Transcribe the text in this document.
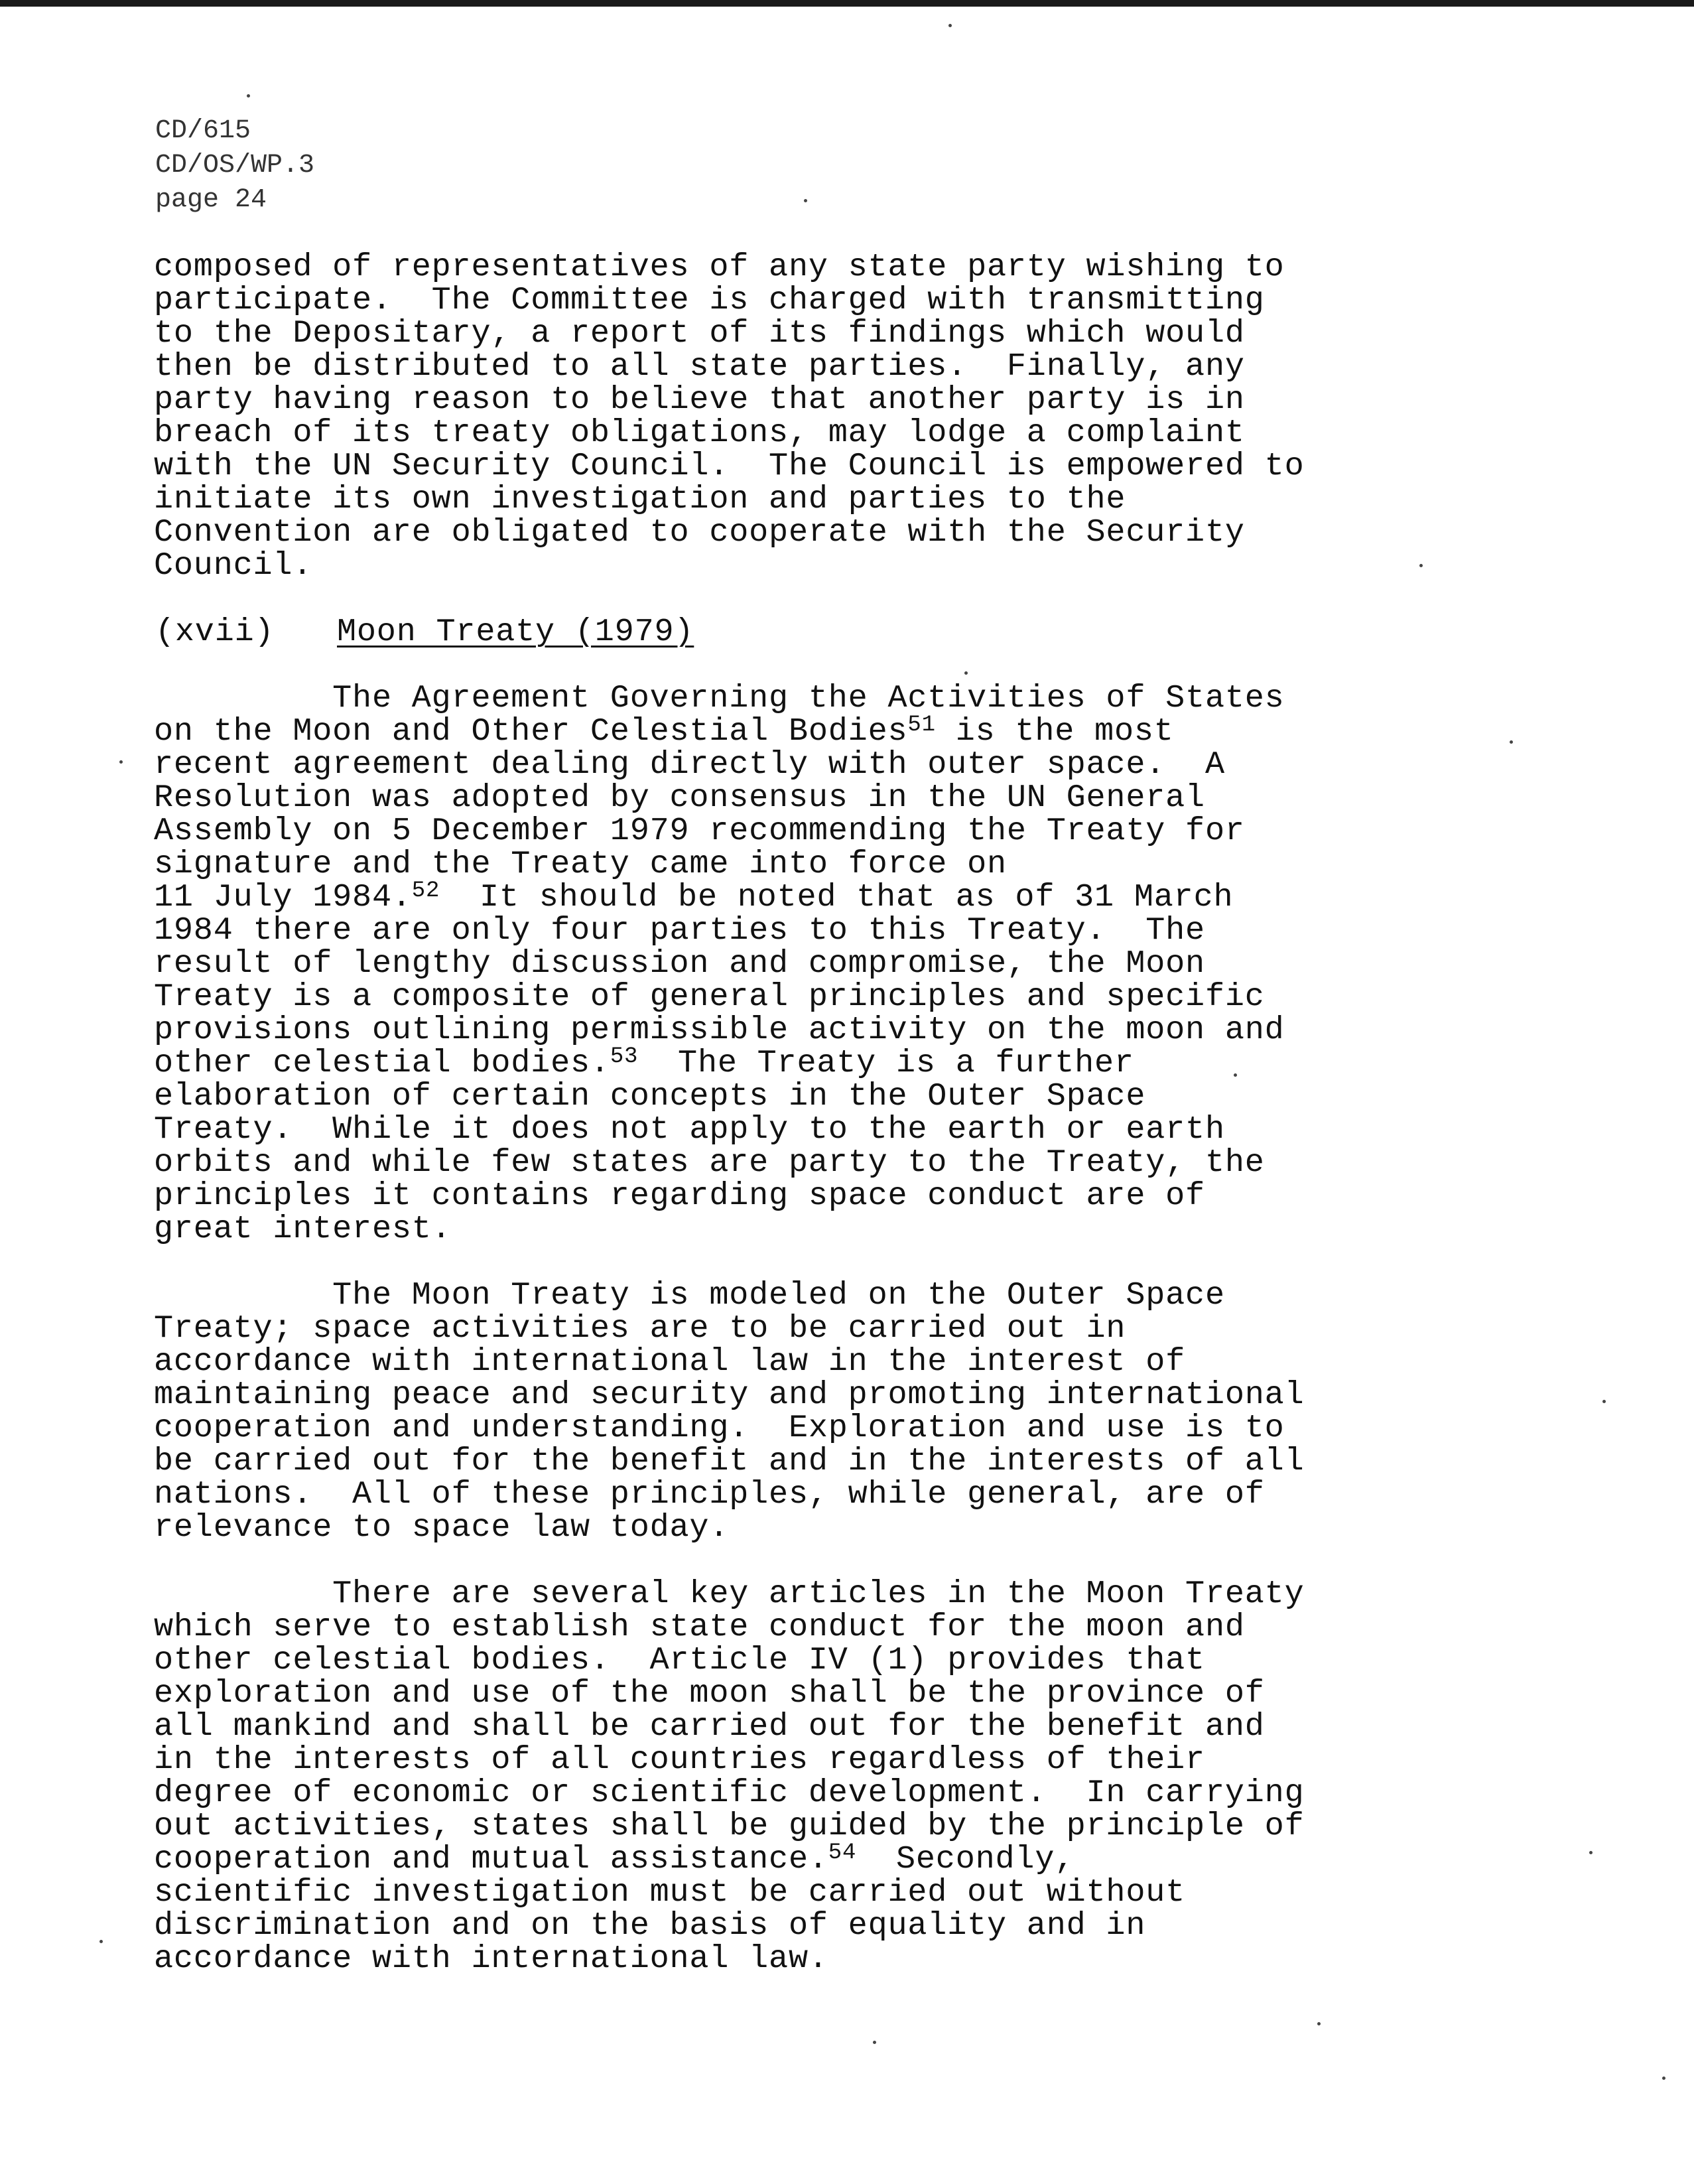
CD/615
CD/OS/WP.3
page 24
composed of representatives of any state party wishing to
participate.  The Committee is charged with transmitting
to the Depositary, a report of its findings which would
then be distributed to all state parties.  Finally, any
party having reason to believe that another party is in
breach of its treaty obligations, may lodge a complaint
with the UN Security Council.  The Council is empowered to
initiate its own investigation and parties to the
Convention are obligated to cooperate with the Security
Council.
(xvii) Moon Treaty (1979)
The Agreement Governing the Activities of States
on the Moon and Other Celestial Bodies$^{51}$ is the most
recent agreement dealing directly with outer space.  A
Resolution was adopted by consensus in the UN General
Assembly on 5 December 1979 recommending the Treaty for
signature and the Treaty came into force on
11 July 1984.52  It should be noted that as of 31 March
1984 there are only four parties to this Treaty.  The
result of lengthy discussion and compromise, the Moon
Treaty is a composite of general principles and specific
provisions outlining permissible activity on the moon and
other celestial bodies.$^{53}$  The Treaty is a further
elaboration of certain concepts in the Outer Space
Treaty.  While it does not apply to the earth or earth
orbits and while few states are party to the Treaty, the
principles it contains regarding space conduct are of
great interest.
The Moon Treaty is modeled on the Outer Space
Treaty; space activities are to be carried out in
accordance with international law in the interest of
maintaining peace and security and promoting international
cooperation and understanding.  Exploration and use is to
be carried out for the benefit and in the interests of all
nations.  All of these principles, while general, are of
relevance to space law today.
There are several key articles in the Moon Treaty
which serve to establish state conduct for the moon and
other celestial bodies.  Article IV (1) provides that
exploration and use of the moon shall be the province of
all mankind and shall be carried out for the benefit and
in the interests of all countries regardless of their
degree of economic or scientific development.  In carrying
out activities, states shall be guided by the principle of
cooperation and mutual assistance.$^{54}$  Secondly,
scientific investigation must be carried out without
discrimination and on the basis of equality and in
accordance with international law.
